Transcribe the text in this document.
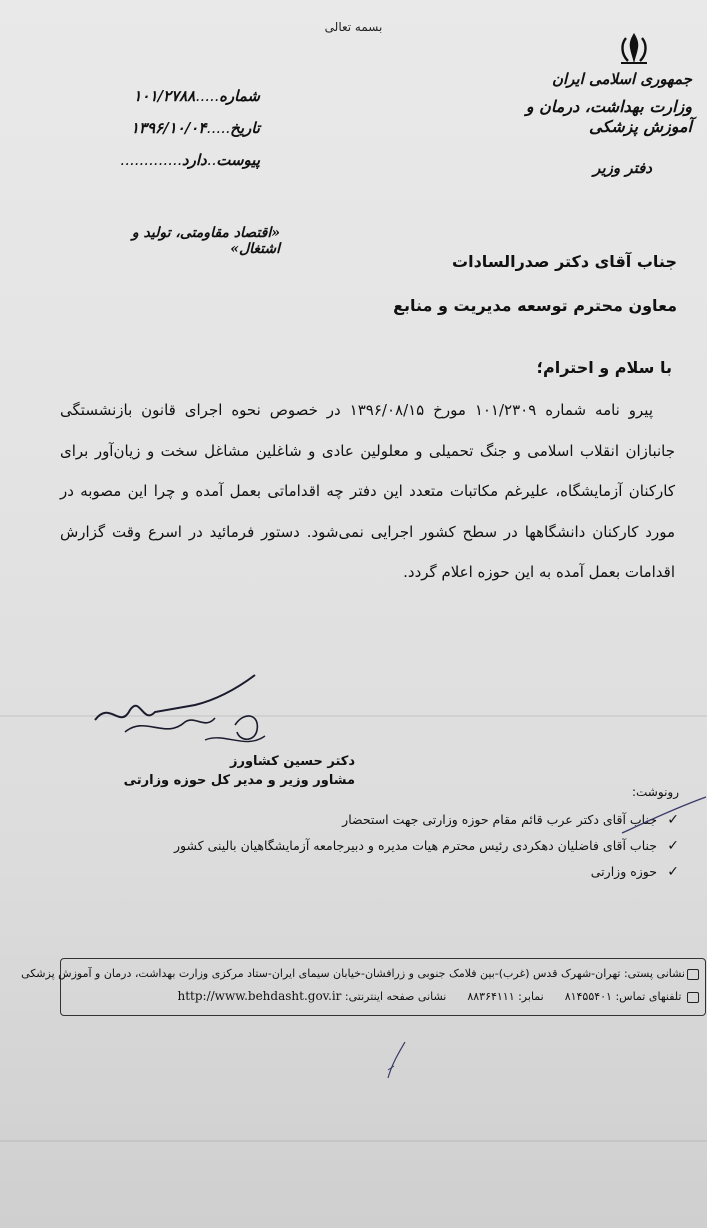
بسمه تعالی
جمهوری اسلامی ایران
وزارت بهداشت، درمان و آموزش پزشکی
دفتر وزیر
شماره.....۱۰۱/۲۷۸۸
تاریخ.....۱۳۹۶/۱۰/۰۴
پیوست..دارد.............
«اقتصاد مقاومتی، تولید و اشتغال»
جناب آقای دکتر صدرالسادات
معاون محترم توسعه مدیریت و منابع
با سلام و احترام؛

پیرو نامه شماره ۱۰۱/۲۳۰۹ مورخ ۱۳۹۶/۰۸/۱۵ در خصوص نحوه اجرای قانون بازنشستگی جانبازان انقلاب اسلامی و جنگ تحمیلی و معلولین عادی و شاغلین مشاغل سخت و زیان‌آور برای کارکنان آزمایشگاه، علیرغم مکاتبات متعدد این دفتر چه اقداماتی بعمل آمده و چرا این مصوبه در مورد کارکنان دانشگاهها در سطح کشور اجرایی نمی‌شود. دستور فرمائید در اسرع وقت گزارش اقدامات بعمل آمده به این حوزه اعلام گردد.

دکتر حسین کشاورز
مشاور وزیر و مدیر کل حوزه وزارتی
رونوشت:
✓
جناب آقای دکتر عرب قائم مقام حوزه وزارتی جهت استحضار
✓
جناب آقای فاضلیان دهکردی رئیس محترم هیات مدیره و دبیرجامعه آزمایشگاهیان بالینی کشور
✓
حوزه وزارتی
نشانی پستی: تهران-شهرک قدس (غرب)-بین فلامک جنوبی و زرافشان-خیابان سیمای ایران-ستاد مرکزی وزارت بهداشت، درمان و آموزش پزشکی
تلفنهای تماس: ۸۱۴۵۵۴۰۱      نمابر: ۸۸۳۶۴۱۱۱      نشانی صفحه اینترنتی: http://www.behdasht.gov.ir
